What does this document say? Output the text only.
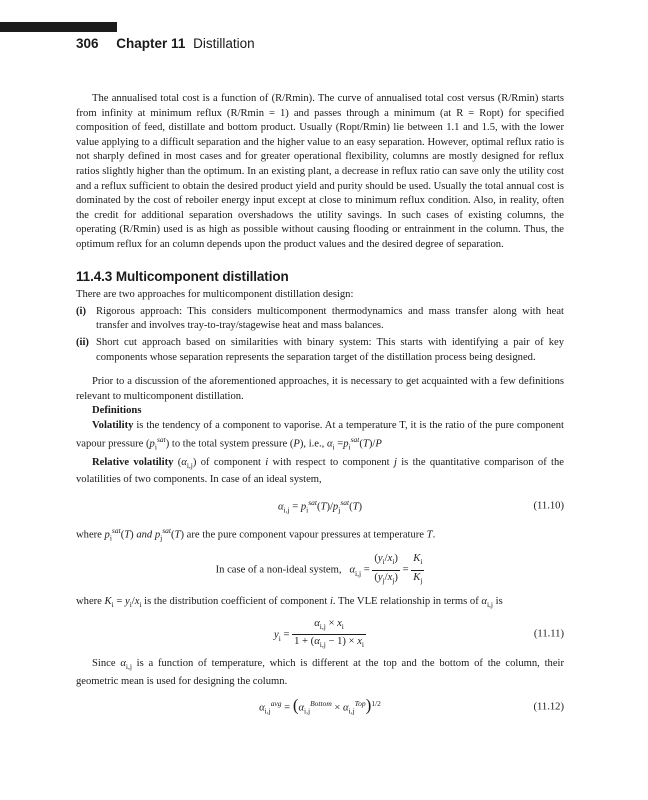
306 Chapter 11 Distillation

The annualised total cost is a function of (R/Rmin). The curve of annualised total cost versus (R/Rmin) starts from infinity at minimum reflux (R/Rmin = 1) and passes through a minimum (at R = Ropt) for specified composition of feed, distillate and bottom product. Usually (Ropt/Rmin) lie between 1.1 and 1.5, with the lower value applying to a difficult separation and the higher value to an easy separation. However, optimal reflux ratio is not sharply defined in most cases and for greater operational flexibility, columns are mostly designed for reflux ratios slightly higher than the optimum. In an existing plant, a decrease in reflux ratio can save only the utility cost and a reflux sufficient to obtain the desired product yield and purity should be used. Usually the total annual cost is dominated by the cost of reboiler energy input except at close to minimum reflux condition. Also, in reality, often the credit for additional separation overshadows the utility savings. In such cases of existing columns, the operating (R/Rmin) used is as high as possible without causing flooding or entrainment in the column. Thus, the optimum reflux for an column depends upon the product values and the desired degree of separation.

11.4.3 Multicomponent distillation

There are two approaches for multicomponent distillation design:

(i) Rigorous approach: This considers multicomponent thermodynamics and mass transfer along with heat transfer and involves tray-to-tray/stagewise heat and mass balances.
(ii) Short cut approach based on similarities with binary system: This starts with identifying a pair of key components whose separation represents the separation target of the distillation process being designed.

Prior to a discussion of the aforementioned approaches, it is necessary to get acquainted with a few definitions relevant to multicomponent distillation.

Definitions

Volatility is the tendency of a component to vaporise. At a temperature T, it is the ratio of the pure component vapour pressure $(p_i^{sat})$ to the total system pressure (P), i.e., $\alpha_i =p_i^{sat}(T)/P$

Relative volatility $(\alpha_{i,j})$ of component i with respect to component j is the quantitative comparison of the volatilities of two components. In case of an ideal system,

$\alpha_{i,j} = p_i^{sat}(T)/p_j^{sat}(T)$	(11.10)

where $p_i^{sat}(T)$ and $p_j^{sat}(T)$ are the pure component vapour pressures at temperature T.

In case of a non-ideal system, $\alpha_{i,j} = \frac{(y_i/x_i)}{(y_j/x_j)} = \frac{K_i}{K_j}$

where $K_i = y_i/x_i$ is the distribution coefficient of component i. The VLE relationship in terms of $\alpha_{i,j}$ is

$y_i = \frac{\alpha_{i,j} \times x_i}{1 + (\alpha_{i,j} - 1) \times x_i}$	(11.11)

Since $\alpha_{i,j}$ is a function of temperature, which is different at the top and the bottom of the column, their geometric mean is used for designing the column.

$\alpha_{i,j}^{avg} = (\alpha_{i,j}^{Bottom} \times \alpha_{i,j}^{Top})^{1/2}$	(11.12)
